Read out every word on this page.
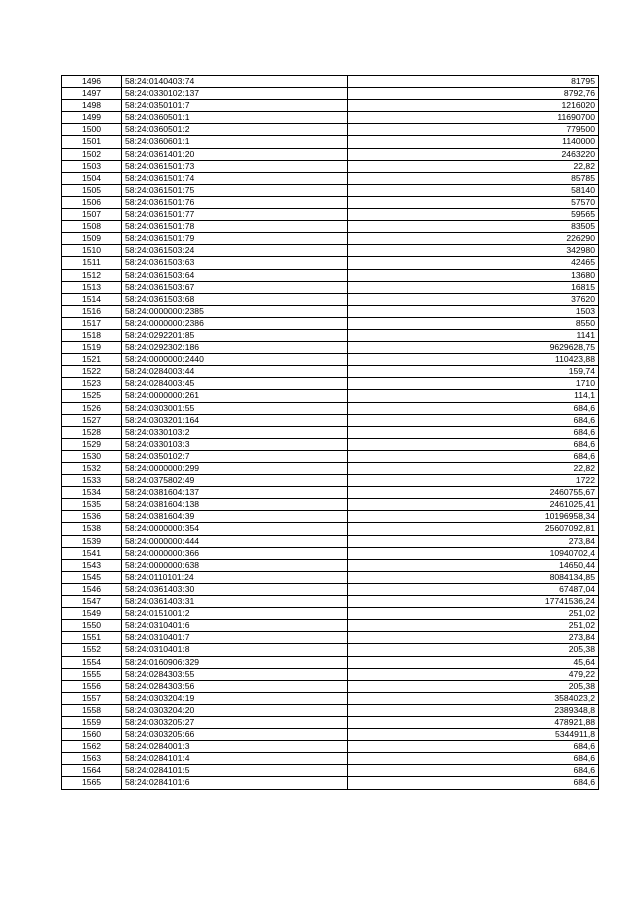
1496	58:24:0140403:74	81795
1497	58:24:0330102:137	8792,76
1498	58:24:0350101:7	1216020
1499	58:24:0360501:1	11690700
1500	58:24:0360501:2	779500
1501	58:24:0360601:1	1140000
1502	58:24:0361401:20	2463220
1503	58:24:0361501:73	22,82
1504	58:24:0361501:74	85785
1505	58:24:0361501:75	58140
1506	58:24:0361501:76	57570
1507	58:24:0361501:77	59565
1508	58:24:0361501:78	83505
1509	58:24:0361501:79	226290
1510	58:24:0361503:24	342980
1511	58:24:0361503:63	42465
1512	58:24:0361503:64	13680
1513	58:24:0361503:67	16815
1514	58:24:0361503:68	37620
1516	58:24:0000000:2385	1503
1517	58:24:0000000:2386	8550
1518	58:24:0292201:85	1141
1519	58:24:0292302:186	9629628,75
1521	58:24:0000000:2440	110423,88
1522	58:24:0284003:44	159,74
1523	58:24:0284003:45	1710
1525	58:24:0000000:261	114,1
1526	58:24:0303001:55	684,6
1527	58:24:0303201:164	684,6
1528	58:24:0330103:2	684,6
1529	58:24:0330103:3	684,6
1530	58:24:0350102:7	684,6
1532	58:24:0000000:299	22,82
1533	58:24:0375802:49	1722
1534	58:24:0381604:137	2460755,67
1535	58:24:0381604:138	2461025,41
1536	58:24:0381604:39	10196958,34
1538	58:24:0000000:354	25607092,81
1539	58:24:0000000:444	273,84
1541	58:24:0000000:366	10940702,4
1543	58:24:0000000:638	14650,44
1545	58:24:0110101:24	8084134,85
1546	58:24:0361403:30	67487,04
1547	58:24:0361403:31	17741536,24
1549	58:24:0151001:2	251,02
1550	58:24:0310401:6	251,02
1551	58:24:0310401:7	273,84
1552	58:24:0310401:8	205,38
1554	58:24:0160906:329	45,64
1555	58:24:0284303:55	479,22
1556	58:24:0284303:56	205,38
1557	58:24:0303204:19	3584023,2
1558	58:24:0303204:20	2389348,8
1559	58:24:0303205:27	478921,88
1560	58:24:0303205:66	5344911,8
1562	58:24:0284001:3	684,6
1563	58:24:0284101:4	684,6
1564	58:24:0284101:5	684,6
1565	58:24:0284101:6	684,6
